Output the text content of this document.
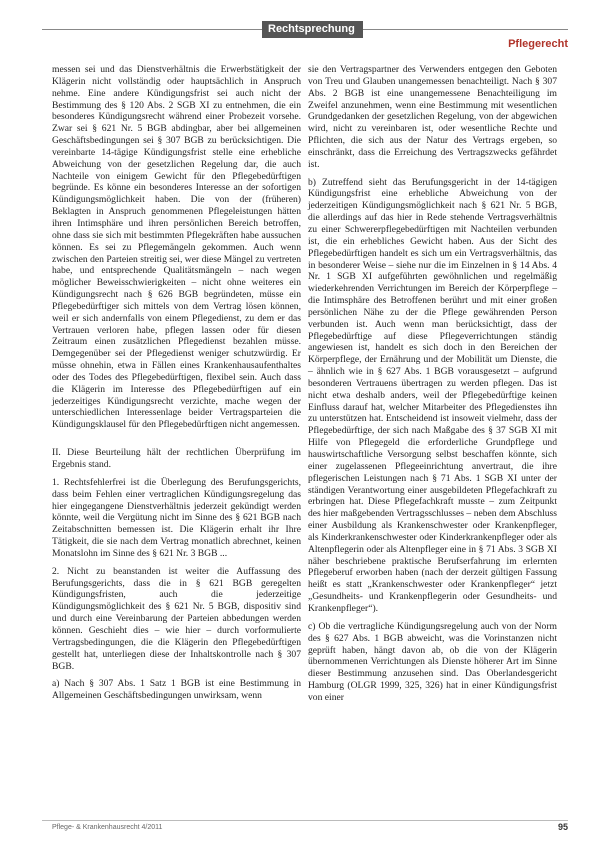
Rechtsprechung
Pflegerecht

messen sei und das Dienstverhältnis die Erwerbstätigkeit der Klägerin nicht vollständig oder hauptsächlich in Anspruch nehme. Eine andere Kündigungsfrist sei auch nicht der Bestimmung des § 120 Abs. 2 SGB XI zu entnehmen, die ein besonderes Kündigungsrecht während einer Probezeit vorsehe. Zwar sei § 621 Nr. 5 BGB abdingbar, aber bei allgemeinen Geschäftsbedingungen sei § 307 BGB zu berücksichtigen. Die vereinbarte 14-tägige Kündigungsfrist stelle eine erhebliche Abweichung von der gesetzlichen Regelung dar, die auch Nachteile von einigem Gewicht für den Pflegebedürftigen begründe. Es könne ein besonderes Interesse an der sofortigen Kündigungsmöglichkeit haben. Die von der (früheren) Beklagten in Anspruch genommenen Pflegeleistungen hätten ihren Intimsphäre und ihren persönlichen Bereich betroffen, ohne dass sie sich mit bestimmten Pflegekräften habe aussuchen können. Es sei zu Pflegemängeln gekommen. Auch wenn zwischen den Parteien streitig sei, wer diese Mängel zu vertreten habe, und entsprechende Qualitätsmängeln – nach wegen möglicher Beweisschwierigkeiten – nicht ohne weiteres ein Kündigungsrecht nach § 626 BGB begründeten, müsse ein Pflegebedürftiger sich mittels von dem Vertrag lösen können, weil er sich andernfalls von einem Pflegedienst, zu dem er das Vertrauen verloren habe, pflegen lassen oder für diesen Zeitraum einen zusätzlichen Pflegedienst bezahlen müsse. Demgegenüber sei der Pflegedienst weniger schutzwürdig. Er müsse ohnehin, etwa in Fällen eines Krankenhausaufenthaltes oder des Todes des Pflegebedürftigen, flexibel sein. Auch dass die Klägerin im Interesse des Pflegebedürftigen auf ein jederzeitiges Kündigungsrecht verzichte, mache wegen der unterschiedlichen Interessenlage beider Vertragsparteien die Kündigungsklausel für den Pflegebedürftigen nicht angemessen.

II. Diese Beurteilung hält der rechtlichen Überprüfung im Ergebnis stand.

1. Rechtsfehlerfrei ist die Überlegung des Berufungsgerichts, dass beim Fehlen einer vertraglichen Kündigungsregelung das hier eingegangene Dienstverhältnis jederzeit gekündigt werden könnte, weil die Vergütung nicht im Sinne des § 621 BGB nach Zeitabschnitten bemessen ist. Die Klägerin erhalt ihr Ihre Tätigkeit, die sie nach dem Vertrag monatlich abrechnet, keinen Monatslohn im Sinne des § 621 Nr. 3 BGB ...

2. Nicht zu beanstanden ist weiter die Auffassung des Berufungsgerichts, dass die in § 621 BGB geregelten Kündigungsfristen, auch die jederzeitige Kündigungsmöglichkeit des § 621 Nr. 5 BGB, dispositiv sind und durch eine Vereinbarung der Parteien abbedungen werden können. Geschieht dies – wie hier – durch vorformulierte Vertragsbedingungen, die die Klägerin den Pflegebedürftigen gestellt hat, unterliegen diese der Inhaltskontrolle nach § 307 BGB.

a) Nach § 307 Abs. 1 Satz 1 BGB ist eine Bestimmung in Allgemeinen Geschäftsbedingungen unwirksam, wenn

sie den Vertragspartner des Verwenders entgegen den Geboten von Treu und Glauben unangemessen benachteiligt. Nach § 307 Abs. 2 BGB ist eine unangemessene Benachteiligung im Zweifel anzunehmen, wenn eine Bestimmung mit wesentlichen Grundgedanken der gesetzlichen Regelung, von der abgewichen wird, nicht zu vereinbaren ist, oder wesentliche Rechte und Pflichten, die sich aus der Natur des Vertrags ergeben, so einschränkt, dass die Erreichung des Vertragszwecks gefährdet ist.

b) Zutreffend sieht das Berufungsgericht in der 14-tägigen Kündigungsfrist eine erhebliche Abweichung von der jederzeitigen Kündigungsmöglichkeit nach § 621 Nr. 5 BGB, die allerdings auf das hier in Rede stehende Vertragsverhältnis zu einer Schwererpflegebedürftigen mit Nachteilen verbunden ist, die ein erhebliches Gewicht haben. Aus der Sicht des Pflegebedürftigen handelt es sich um ein Vertragsverhältnis, das in besonderer Weise – siehe nur die im Einzelnen in § 14 Abs. 4 Nr. 1 SGB XI aufgeführten gewöhnlichen und regelmäßig wiederkehrenden Verrichtungen im Bereich der Körperpflege – die Intimsphäre des Betroffenen berührt und mit einer großen persönlichen Nähe zu der die Pflege gewährenden Person verbunden ist. Auch wenn man berücksichtigt, dass der Pflegebedürftige auf diese Pflegeverrichtungen ständig angewiesen ist, handelt es sich doch in den Bereichen der Körperpflege, der Ernährung und der Mobilität um Dienste, die – ähnlich wie in § 627 Abs. 1 BGB vorausgesetzt – aufgrund besonderen Vertrauens übertragen zu werden pflegen. Das ist nicht etwa deshalb anders, weil der Pflegebedürftige keinen Einfluss darauf hat, welcher Mitarbeiter des Pflegedienstes ihn zu unterstützen hat. Entscheidend ist insoweit vielmehr, dass der Pflegebedürftige, der sich nach Maßgabe des § 37 SGB XI mit Hilfe von Pflegegeld die erforderliche Grundpflege und hauswirtschaftliche Versorgung selbst beschaffen könnte, sich einer zugelassenen Pflegeeinrichtung anvertraut, die ihre pflegerischen Leistungen nach § 71 Abs. 1 SGB XI unter der ständigen Verantwortung einer ausgebildeten Pflegefachkraft zu erbringen hat. Diese Pflegefachkraft musste – zum Zeitpunkt des hier maßgebenden Vertragsschlusses – neben dem Abschluss einer Ausbildung als Krankenschwester oder Krankenpfleger, als Kinderkrankenschwester oder Kinderkrankenpfleger oder als Altenpflegerin oder als Altenpfleger eine in § 71 Abs. 3 SGB XI näher beschriebene praktische Berufserfahrung im erlernten Pflegeberuf erworben haben (nach der derzeit gültigen Fassung heißt es statt „Krankenschwester oder Krankenpfleger“ jetzt „Gesundheits- und Krankenpflegerin oder Gesundheits- und Krankenpfleger“).

c) Ob die vertragliche Kündigungsregelung auch von der Norm des § 627 Abs. 1 BGB abweicht, was die Vorinstanzen nicht geprüft haben, hängt davon ab, ob die von der Klägerin übernommenen Verrichtungen als Dienste höherer Art im Sinne dieser Bestimmung anzusehen sind. Das Oberlandesgericht Hamburg (OLGR 1999, 325, 326) hat in einer Kündigungsfrist von einer

Pflege- & Krankenhausrecht 4/2011	95
